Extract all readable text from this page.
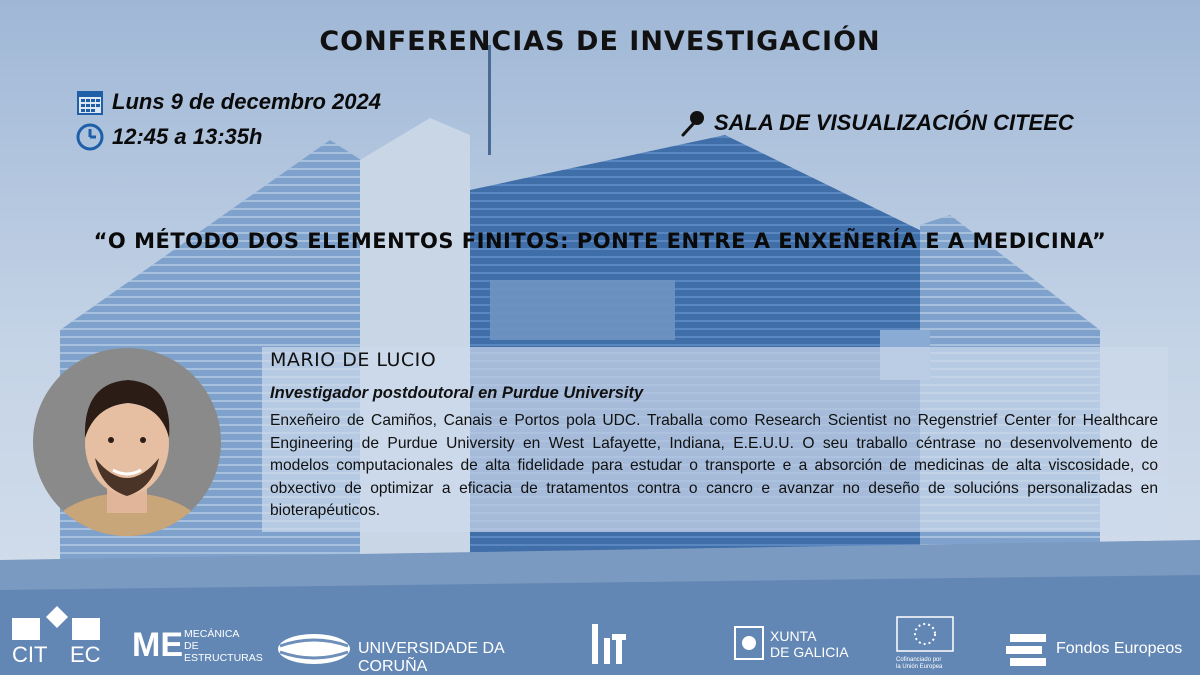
CONFERENCIAS DE INVESTIGACIÓN
Luns 9 de decembro 2024
12:45 a 13:35h
SALA DE VISUALIZACIÓN CITEEC
“O MÉTODO DOS ELEMENTOS FINITOS: PONTE ENTRE A ENXEÑERÍA E A MEDICINA”
MARIO DE LUCIO
Investigador postdoutoral en Purdue University
Enxeñeiro de Camiños, Canais e Portos pola UDC. Traballa como Research Scientist no Regenstrief Center for Healthcare Engineering de Purdue University en West Lafayette, Indiana, E.E.U.U. O seu traballo céntrase no desenvolvemento de modelos computacionales de alta fidelidade para estudar o transporte e a absorción de medicinas de alta viscosidade, co obxectivo de optimizar a eficacia de tratamentos contra o cancro e avanzar no deseño de solucións personalizadas en bioterapéuticos.
CIT EC ME MECÁNICA
DE
ESTRUCTURAS
UNIVERSIDADE DA CORUÑA
XUNTA
DE GALICIA	Cofinanciado por
la Unión Europea
Fondos Europeos
